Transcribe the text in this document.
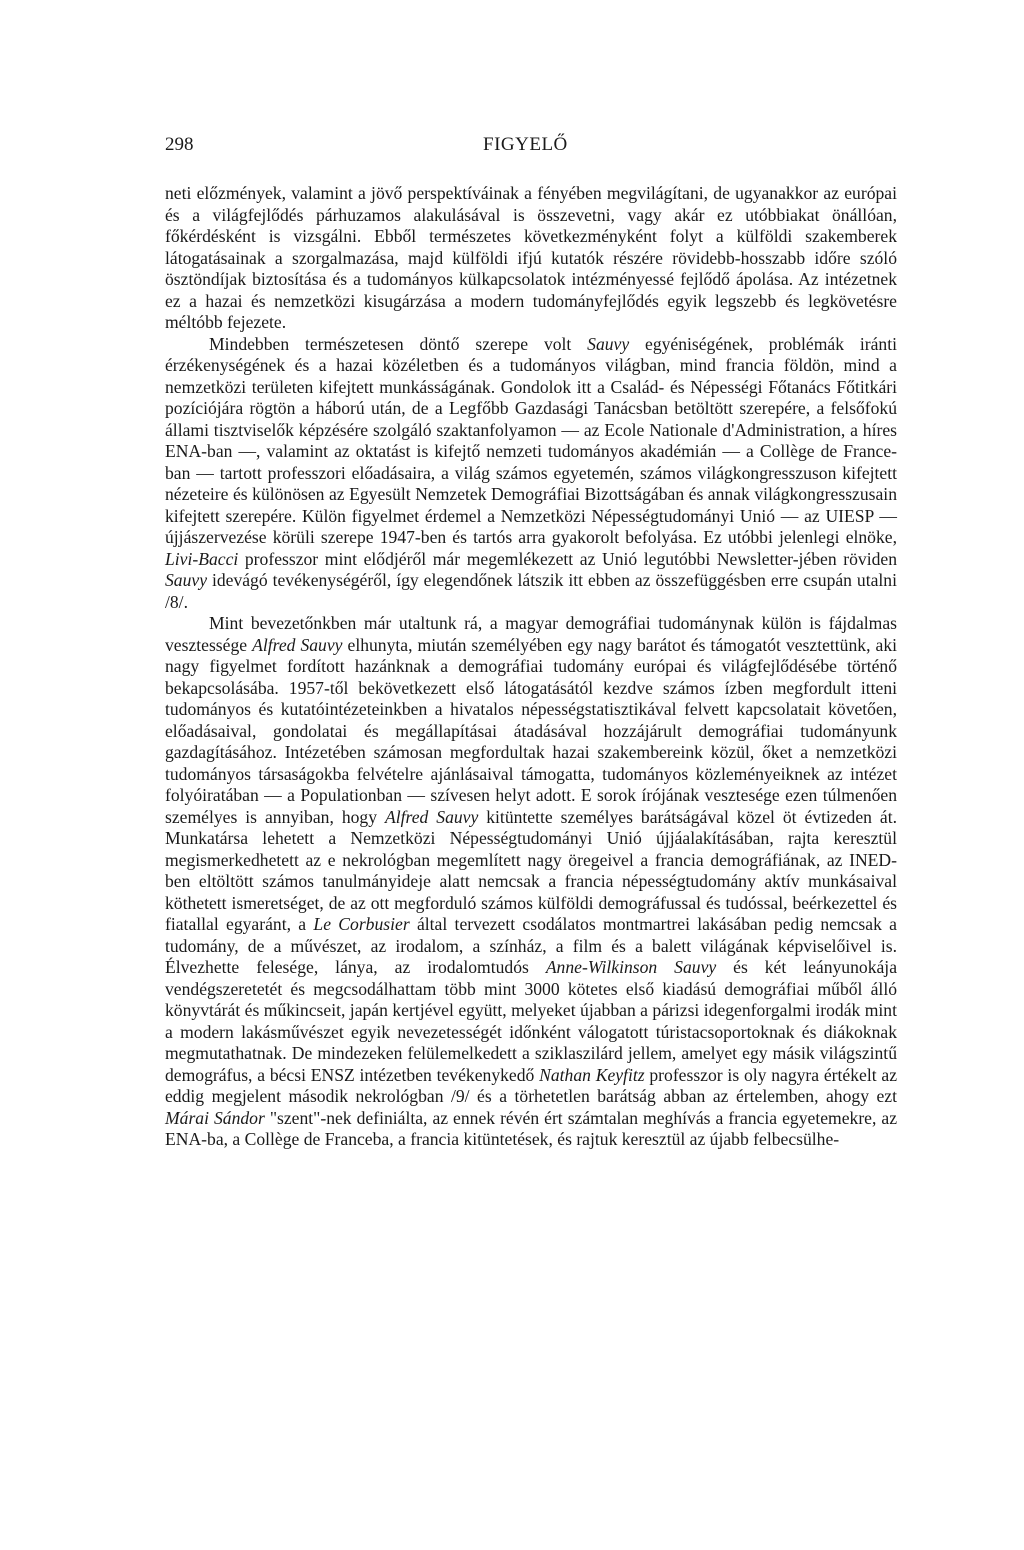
298	FIGYELŐ

neti előzmények, valamint a jövő perspektíváinak a fényében megvilágítani, de ugyanakkor az európai és a világfejlődés párhuzamos alakulásával is összevetni, vagy akár ez utóbbiakat önállóan, főkérdésként is vizsgálni. Ebből természetes következményként folyt a külföldi szakemberek látogatásainak a szorgalmazása, majd külföldi ifjú kutatók részére rövidebb-hosszabb időre szóló ösztöndíjak biztosítása és a tudományos külkapcsolatok intézményessé fejlődő ápolása. Az intézetnek ez a hazai és nemzetközi kisugárzása a modern tudományfejlődés egyik legszebb és legkövetésre méltóbb fejezete.

Mindebben természetesen döntő szerepe volt Sauvy egyéniségének, problémák iránti érzékenységének és a hazai közéletben és a tudományos világban, mind francia földön, mind a nemzetközi területen kifejtett munkásságának. Gondolok itt a Család- és Népességi Főtanács Főtitkári pozíciójára rögtön a háború után, de a Legfőbb Gazdasági Tanácsban betöltött szerepére, a felsőfokú állami tisztviselők képzésére szolgáló szaktanfolyamon — az Ecole Nationale d'Administration, a híres ENA-ban —, valamint az oktatást is kifejtő nemzeti tudományos akadémián — a Collège de France-ban — tartott professzori előadásaira, a világ számos egyetemén, számos világkongresszuson kifejtett nézeteire és különösen az Egyesült Nemzetek Demográfiai Bizottságában és annak világkongresszusain kifejtett szerepére. Külön figyelmet érdemel a Nemzetközi Népességtudományi Unió — az UIESP — újjászervezése körüli szerepe 1947-ben és tartós arra gyakorolt befolyása. Ez utóbbi jelenlegi elnöke, Livi-Bacci professzor mint elődjéről már megemlékezett az Unió legutóbbi Newsletter-jében röviden Sauvy idevágó tevékenységéről, így elegendőnek látszik itt ebben az összefüggésben erre csupán utalni /8/.

Mint bevezetőnkben már utaltunk rá, a magyar demográfiai tudománynak külön is fájdalmas vesztessége Alfred Sauvy elhunyta, miután személyében egy nagy barátot és támogatót vesztettünk, aki nagy figyelmet fordított hazánknak a demográfiai tudomány európai és világfejlődésébe történő bekapcsolásába. 1957-től bekövetkezett első látogatásától kezdve számos ízben megfordult itteni tudományos és kutatóintézeteinkben a hivatalos népességstatisztikával felvett kapcsolatait követően, előadásaival, gondolatai és megállapításai átadásával hozzájárult demográfiai tudományunk gazdagításához. Intézetében számosan megfordultak hazai szakembereink közül, őket a nemzetközi tudományos társaságokba felvételre ajánlásaival támogatta, tudományos közleményeiknek az intézet folyóiratában — a Populationban — szívesen helyt adott. E sorok írójának vesztesége ezen túlmenően személyes is annyiban, hogy Alfred Sauvy kitüntette személyes barátságával közel öt évtizeden át. Munkatársa lehetett a Nemzetközi Népességtudományi Unió újjáalakításában, rajta keresztül megismerkedhetett az e nekrológban megemlített nagy öregeivel a francia demográfiának, az INED-ben eltöltött számos tanulmányideje alatt nemcsak a francia népességtudomány aktív munkásaival köthetett ismeretséget, de az ott megforduló számos külföldi demográfussal és tudóssal, beérkezettel és fiatallal egyaránt, a Le Corbusier által tervezett csodálatos montmartrei lakásában pedig nemcsak a tudomány, de a művészet, az irodalom, a színház, a film és a balett világának képviselőivel is. Élvezhette felesége, lánya, az irodalomtudós Anne-Wilkinson Sauvy és két leányunokája vendégszeretetét és megcsodálhattam több mint 3000 kötetes első kiadású demográfiai műből álló könyvtárát és műkincseit, japán kertjével együtt, melyeket újabban a párizsi idegenforgalmi irodák mint a modern lakásművészet egyik nevezetességét időnként válogatott túristacsoportoknak és diákoknak megmutathatnak. De mindezeken felülemelkedett a sziklaszilárd jellem, amelyet egy másik világszintű demográfus, a bécsi ENSZ intézetben tevékenykedő Nathan Keyfitz professzor is oly nagyra értékelt az eddig megjelent második nekrológban /9/ és a törhetetlen barátság abban az értelemben, ahogy ezt Márai Sándor "szent"-nek definiálta, az ennek révén ért számtalan meghívás a francia egyetemekre, az ENA-ba, a Collège de Franceba, a francia kitüntetések, és rajtuk keresztül az újabb felbecsülhe-
